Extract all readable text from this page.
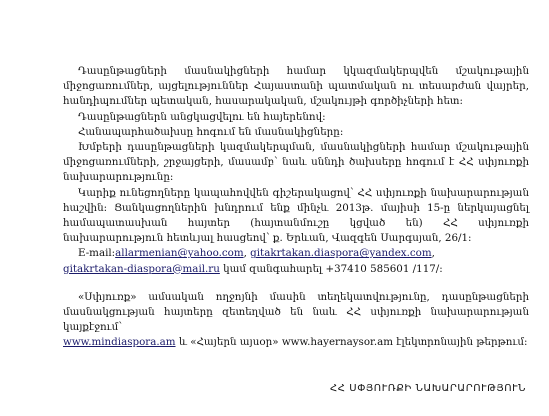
Դասընթացների մասնակիցների համար կկազմակերպվեն մշակութային միջոցառումներ, այցելություններ Հայաստանի պատմական ու տեսարժան վայրեր, հանդիպումներ պետական, հասարակական, մշակույթի գործիչների հետ:

Դասընթացներն անցկացվելու են հայերենով:

Հանապարհածախսը հոգում են մասնակիցները:

Խմբերի դասընթացների կազմակերպման, մասնակիցների համար մշակութային միջոցառումների, շրջայցերի, մասամբ՝ նաև սննդի ծախսերը հոգում է ՀՀ սփյուռքի նախարարությունը:

Կարիք ունեցողները կապահովվեն գիշերակացով՝ ՀՀ սփյուռքի նախարարության հաշվին: Ցանկացողներին խնդրում ենք մինչև 2013թ. մայիսի 15-ը ներկայացնել համապատասխան հայտեր (հայտանմուշը կցված են) ՀՀ սփյուռքի նախարարություն հետևյալ հասցեով՝ ք. Երևան, Վազգեն Սարգսյան, 26/1:

E-mail:allarmenian@yahoo.com, gitakrtakan.diaspora@yandex.com,
gitakrtakan-diaspora@mail.ru կամ զանգահարել +37410 585601 /117/:

«Սփյուռք» ամսական ողջոյնի մասին տեղեկատվությունը, դասընթացների մասնակցության հայտերը զետեղված են նաև ՀՀ սփյուռքի նախարարության կայքէջում՝
www.mindiaspora.am և «Հայերն այսօր» www.hayernaysor.am էլեկտրոնային թերթում:

ՀՀ ՍՓՅՈՒՌՔԻ ՆԱԽԱՐԱՐՈՒԹՅՈՒՆ
